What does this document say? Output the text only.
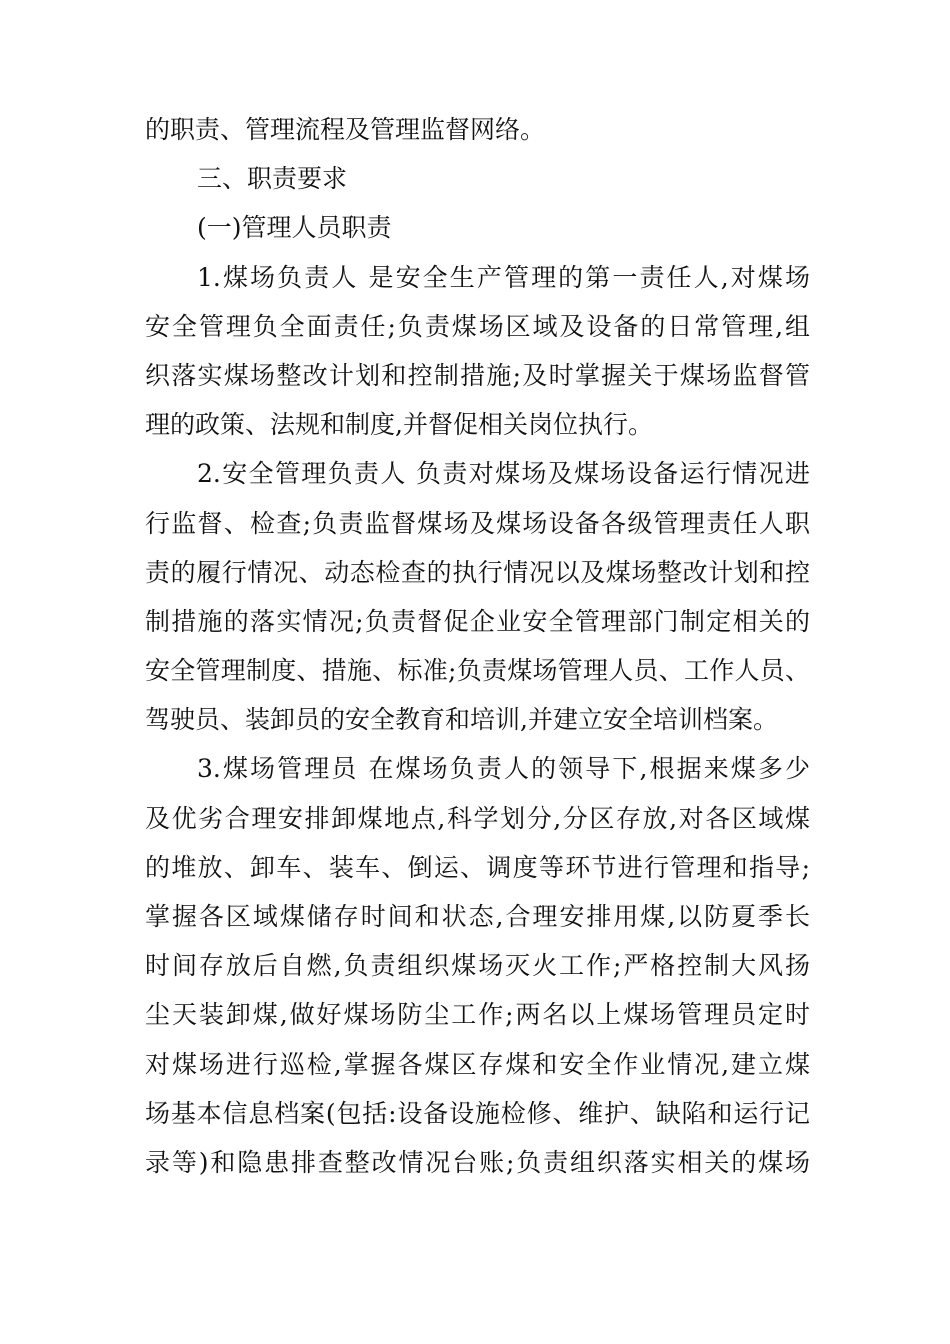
的职责、管理流程及管理监督网络。
三、职责要求
(一)管理人员职责
1.煤场负责人 是安全生产管理的第一责任人,对煤场
安全管理负全面责任;负责煤场区域及设备的日常管理,组
织落实煤场整改计划和控制措施;及时掌握关于煤场监督管
理的政策、法规和制度,并督促相关岗位执行。
2.安全管理负责人 负责对煤场及煤场设备运行情况进
行监督、检查;负责监督煤场及煤场设备各级管理责任人职
责的履行情况、动态检查的执行情况以及煤场整改计划和控
制措施的落实情况;负责督促企业安全管理部门制定相关的
安全管理制度、措施、标准;负责煤场管理人员、工作人员、
驾驶员、装卸员的安全教育和培训,并建立安全培训档案。
3.煤场管理员 在煤场负责人的领导下,根据来煤多少
及优劣合理安排卸煤地点,科学划分,分区存放,对各区域煤
的堆放、卸车、装车、倒运、调度等环节进行管理和指导;
掌握各区域煤储存时间和状态,合理安排用煤,以防夏季长
时间存放后自燃,负责组织煤场灭火工作;严格控制大风扬
尘天装卸煤,做好煤场防尘工作;两名以上煤场管理员定时
对煤场进行巡检,掌握各煤区存煤和安全作业情况,建立煤
场基本信息档案(包括:设备设施检修、维护、缺陷和运行记
录等)和隐患排查整改情况台账;负责组织落实相关的煤场
